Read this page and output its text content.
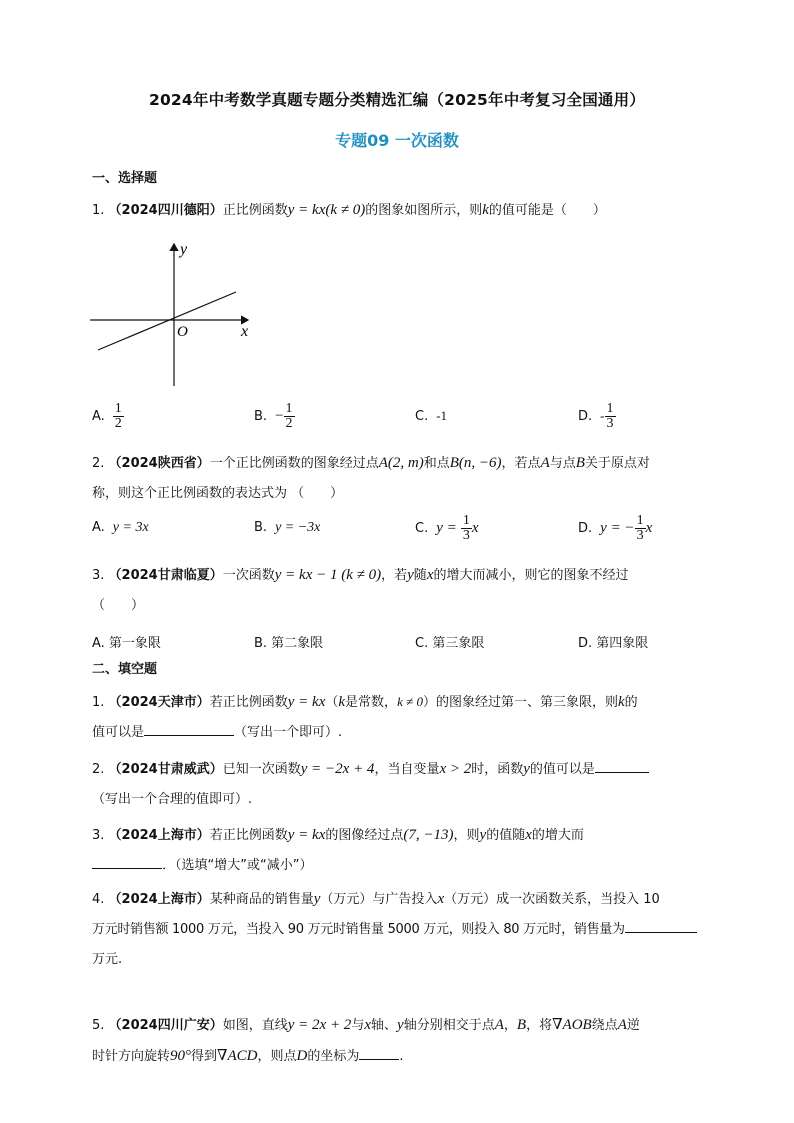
2024年中考数学真题专题分类精选汇编（2025年中考复习全国通用）
专题09 一次函数
一、选择题
1. （2024四川德阳）正比例函数y = kx(k ≠ 0)的图象如图所示，则k的值可能是（　　）
y
x
O
A. $\frac{1}{2}$	B. − $\frac{1}{2}$	C. -1	D. - $\frac{1}{3}$
2. （2024陕西省）一个正比例函数的图象经过点A(2, m)和点B(n, −6)，若点A与点B关于原点对
称，则这个正比例函数的表达式为 （　　）
A. y = 3x	B. y = −3x	C. $y = \frac{1}{3}$ x	D. y = − $\frac{1}{3}$ x
3. （2024甘肃临夏）一次函数y = kx − 1 (k ≠ 0)，若y随x的增大而减小，则它的图象不经过
（　　）
A. 第一象限	B. 第二象限	C. 第三象限	D. 第四象限
二、填空题
1. （2024天津市）若正比例函数y = kx（k是常数，k ≠ 0）的图象经过第一、第三象限，则k的
值可以是	（写出一个即可）.
2. （2024甘肃威武）已知一次函数y = −2x + 4，当自变量x > 2时，函数y的值可以是
（写出一个合理的值即可）.
3. （2024上海市）若正比例函数y = kx的图像经过点(7, −13)，则y的值随x的增大而
．（选填“增大”或“减小”）
4. （2024上海市）某种商品的销售量y（万元）与广告投入x（万元）成一次函数关系，当投入 10
万元时销售额 1000 万元，当投入 90 万元时销售量 5000 万元，则投入 80 万元时，销售量为
万元.
5. （2024四川广安）如图，直线y = 2x + 2与x轴、y轴分别相交于点A，B，将∇AOB绕点A逆
时针方向旋转90°得到∇ACD，则点D的坐标为	.
